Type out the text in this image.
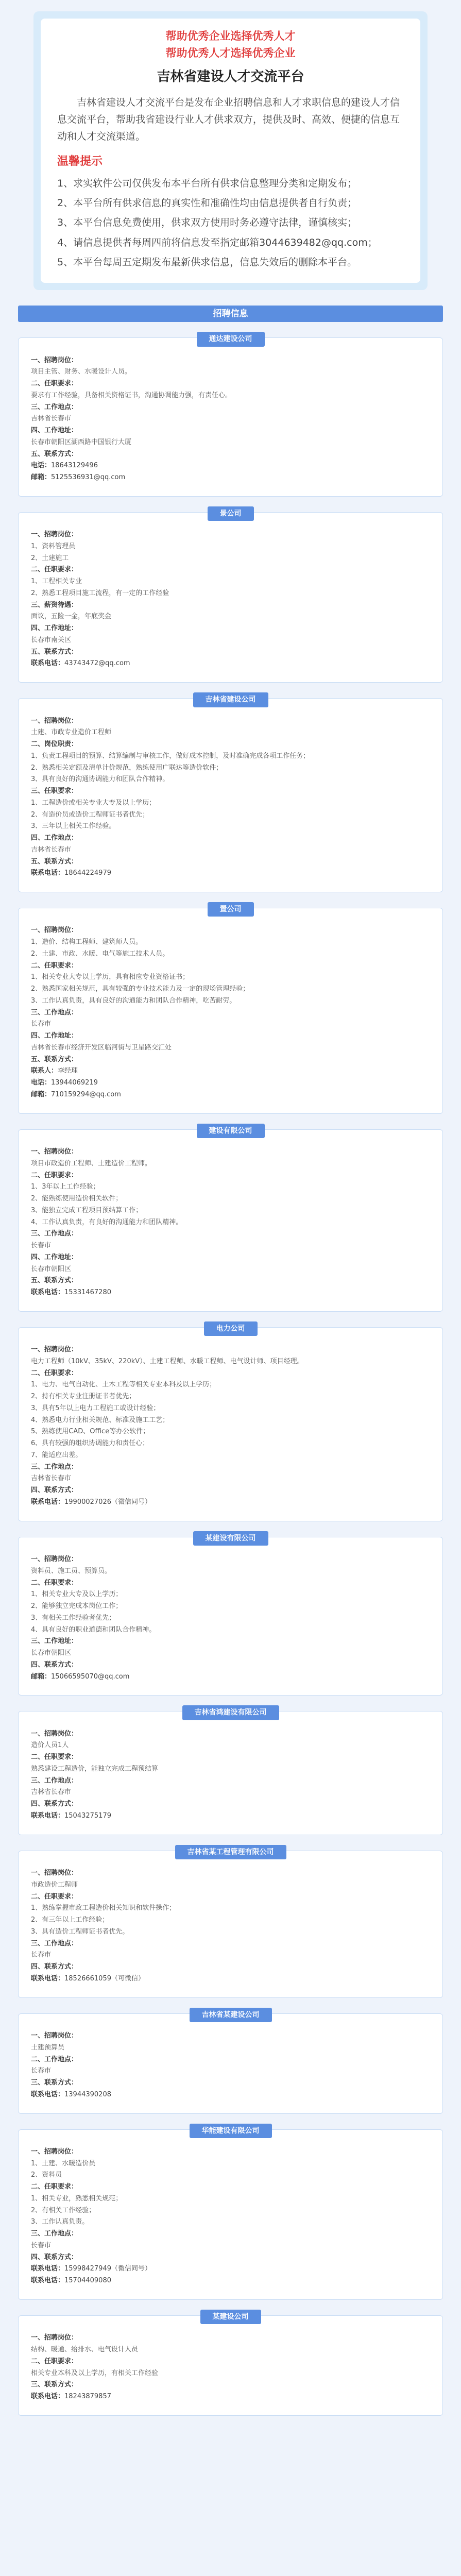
帮助优秀企业选择优秀人才
帮助优秀人才选择优秀企业
吉林省建设人才交流平台
吉林省建设人才交流平台是发布企业招聘信息和人才求职信息的建设人才信息交流平台，帮助我省建设行业人才供求双方，提供及时、高效、便捷的信息互动和人才交流渠道。
温馨提示
1、求实软件公司仅供发布本平台所有供求信息整理分类和定期发布；
2、本平台所有供求信息的真实性和准确性均由信息提供者自行负责；
3、本平台信息免费使用，供求双方使用时务必遵守法律，谨慎核实；
4、请信息提供者每周四前将信息发至指定邮箱3044639482@qq.com；
5、本平台每周五定期发布最新供求信息，信息失效后的删除本平台。
招聘信息
通达建设公司
一、招聘岗位：
项目主管、财务、水暖设计人员。
二、任职要求：
要求有工作经验，具备相关资格证书，沟通协调能力强，有责任心。
三、工作地点：
吉林省长春市
四、工作地址：
长春市朝阳区湖西路中国银行大厦
五、联系方式：
电话：18643129496
邮箱：5125536931@qq.com
景公司
一、招聘岗位：
1、资料管理员
2、土建施工
二、任职要求：
1、工程相关专业
2、熟悉工程项目施工流程，有一定的工作经验
三、薪资待遇：
面议，五险一金，年底奖金
四、工作地址：
长春市南关区
五、联系方式：
联系电话：43743472@qq.com
吉林省建设公司
一、招聘岗位：
土建、市政专业造价工程师
二、岗位职责：
1、负责工程项目的预算、结算编制与审核工作，做好成本控制，及时准确完成各项工作任务；
2、熟悉相关定额及清单计价规范，熟练使用广联达等造价软件；
3、具有良好的沟通协调能力和团队合作精神。
三、任职要求：
1、工程造价或相关专业大专及以上学历；
2、有造价员或造价工程师证书者优先；
3、三年以上相关工作经验。
四、工作地点：
吉林省长春市
五、联系方式：
联系电话：18644224979
置公司
一、招聘岗位：
1、造价、结构工程师、建筑师人员。
2、土建、市政、水暖、电气等施工技术人员。
二、任职要求：
1、相关专业大专以上学历，具有相应专业资格证书；
2、熟悉国家相关规范，具有较强的专业技术能力及一定的现场管理经验；
3、工作认真负责，具有良好的沟通能力和团队合作精神，吃苦耐劳。
三、工作地点：
长春市
四、工作地址：
吉林省长春市经济开发区临河街与卫星路交汇处
五、联系方式：
联系人：李经理
电话：13944069219
邮箱：710159294@qq.com
建设有限公司
一、招聘岗位：
项目市政造价工程师、土建造价工程师。
二、任职要求：
1、3年以上工作经验；
2、能熟练使用造价相关软件；
3、能独立完成工程项目预结算工作；
4、工作认真负责，有良好的沟通能力和团队精神。
三、工作地点：
长春市
四、工作地址：
长春市朝阳区
五、联系方式：
联系电话：15331467280
电力公司
一、招聘岗位：
电力工程师（10kV、35kV、220kV）、土建工程师、水暖工程师、电气设计师、项目经理。
二、任职要求：
1、电力、电气自动化、土木工程等相关专业本科及以上学历；
2、持有相关专业注册证书者优先；
3、具有5年以上电力工程施工或设计经验；
4、熟悉电力行业相关规范、标准及施工工艺；
5、熟练使用CAD、Office等办公软件；
6、具有较强的组织协调能力和责任心；
7、能适应出差。
三、工作地点：
吉林省长春市
四、联系方式：
联系电话：19900027026（微信同号）
某建设有限公司
一、招聘岗位：
资料员、施工员、预算员。
二、任职要求：
1、相关专业大专及以上学历；
2、能够独立完成本岗位工作；
3、有相关工作经验者优先；
4、具有良好的职业道德和团队合作精神。
三、工作地址：
长春市朝阳区
四、联系方式：
邮箱：15066595070@qq.com
吉林省鸿建设有限公司
一、招聘岗位：
造价人员1人
二、任职要求：
熟悉建设工程造价，能独立完成工程预结算
三、工作地点：
吉林省长春市
四、联系方式：
联系电话：15043275179
吉林省某工程管理有限公司
一、招聘岗位：
市政造价工程师
二、任职要求：
1、熟练掌握市政工程造价相关知识和软件操作；
2、有三年以上工作经验；
3、具有造价工程师证书者优先。
三、工作地点：
长春市
四、联系方式：
联系电话：18526661059（可微信）
吉林省某建设公司
一、招聘岗位：
土建预算员
二、工作地点：
长春市
三、联系方式：
联系电话：13944390208
华能建设有限公司
一、招聘岗位：
1、土建、水暖造价员
2、资料员
二、任职要求：
1、相关专业，熟悉相关规范；
2、有相关工作经验；
3、工作认真负责。
三、工作地点：
长春市
四、联系方式：
联系电话：15998427949（微信同号）
联系电话：15704409080
某建设公司
一、招聘岗位：
结构、暖通、给排水、电气设计人员
二、任职要求：
相关专业本科及以上学历，有相关工作经验
三、联系方式：
联系电话：18243879857
